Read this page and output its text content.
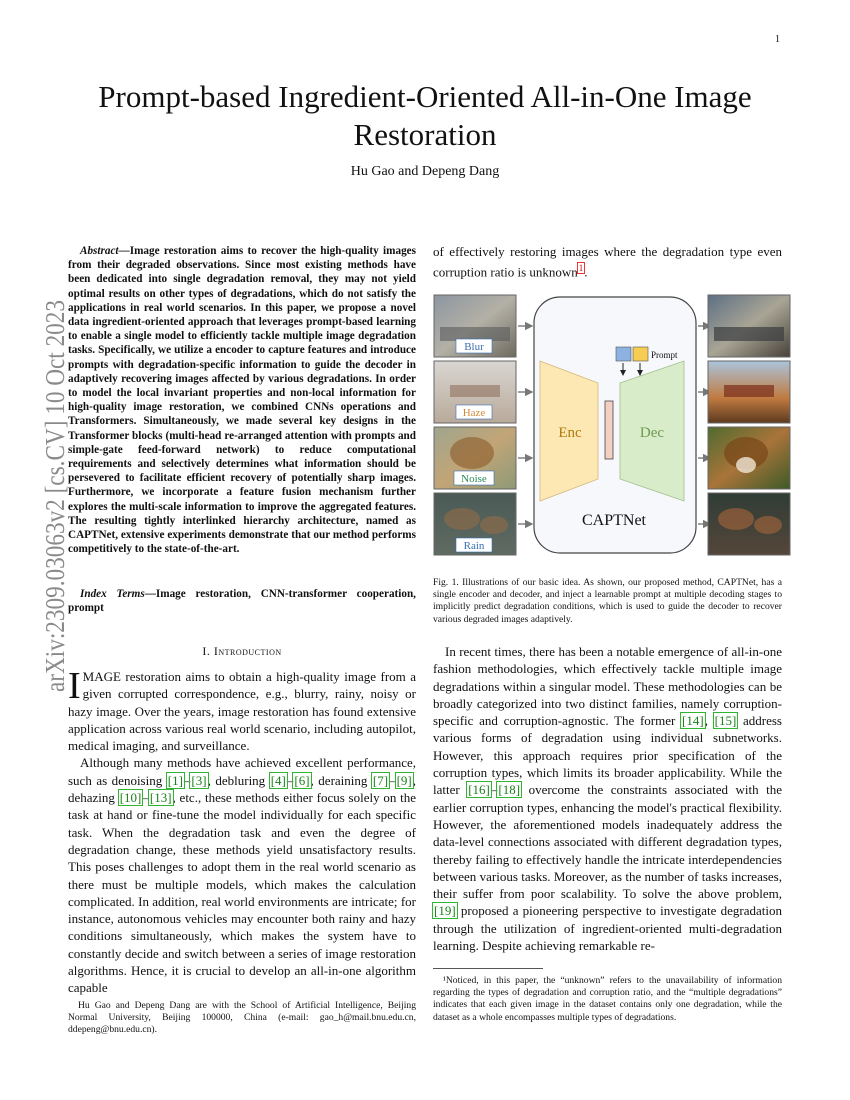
1
arXiv:2309.03063v2 [cs.CV] 10 Oct 2023
Prompt-based Ingredient-Oriented All-in-One Image Restoration
Hu Gao and Depeng Dang
Abstract—Image restoration aims to recover the high-quality images from their degraded observations. Since most existing methods have been dedicated into single degradation removal, they may not yield optimal results on other types of degradations, which do not satisfy the applications in real world scenarios. In this paper, we propose a novel data ingredient-oriented approach that leverages prompt-based learning to enable a single model to efficiently tackle multiple image degradation tasks. Specifically, we utilize a encoder to capture features and introduce prompts with degradation-specific information to guide the decoder in adaptively recovering images affected by various degradations. In order to model the local invariant properties and non-local information for high-quality image restoration, we combined CNNs operations and Transformers. Simultaneously, we made several key designs in the Transformer blocks (multi-head re-arranged attention with prompts and simple-gate feed-forward network) to reduce computational requirements and selectively determines what information should be persevered to facilitate efficient recovery of potentially sharp images. Furthermore, we incorporate a feature fusion mechanism further explores the multi-scale information to improve the aggregated features. The resulting tightly interlinked hierarchy architecture, named as CAPTNet, extensive experiments demonstrate that our method performs competitively to the state-of-the-art.
Index Terms—Image restoration, CNN-transformer cooperation, prompt
I. Introduction

IMAGE restoration aims to obtain a high-quality image from a given corrupted correspondence, e.g., blurry, rainy, noisy or hazy image. Over the years, image restoration has found extensive application across various real world scenario, including autopilot, medical imaging, and surveillance.

Although many methods have achieved excellent performance, such as denoising [1]–[3], debluring [4]–[6], deraining [7]–[9], dehazing [10]–[13], etc., these methods either focus solely on the task at hand or fine-tune the model individually for each specific task. When the degradation task and even the degree of degradation change, these methods yield unsatisfactory results. This poses challenges to adopt them in the real world scenario as there must be multiple models, which makes the calculation complicated. In addition, real world environments are intricate; for instance, autonomous vehicles may encounter both rainy and hazy conditions simultaneously, which makes the system have to constantly decide and switch between a series of image restoration algorithms. Hence, it is crucial to develop an all-in-one algorithm capable

of effectively restoring images where the degradation type even corruption ratio is unknown$^1$.
Blur
Haze
Noise
Rain
Enc	Dec
Prompt
CAPTNet
Fig. 1. Illustrations of our basic idea. As shown, our proposed method, CAPTNet, has a single encoder and decoder, and inject a learnable prompt at multiple decoding stages to implicitly predict degradation conditions, which is used to guide the decoder to recover various degraded images adaptively.

In recent times, there has been a notable emergence of all-in-one fashion methodologies, which effectively tackle multiple image degradations within a singular model. These methodologies can be broadly categorized into two distinct families, namely corruption-specific and corruption-agnostic. The former [14], [15] address various forms of degradation using individual subnetworks. However, this approach requires prior specification of the corruption types, which limits its broader applicability. While the latter [16]–[18] overcome the constraints associated with the earlier corruption types, enhancing the model's practical flexibility. However, the aforementioned models inadequately address the data-level connections associated with different degradation types, thereby failing to effectively handle the intricate interdependencies between various tasks. Moreover, as the number of tasks increases, their suffer from poor scalability. To solve the above problem, [19] proposed a pioneering perspective to investigate degradation through the utilization of ingredient-oriented multi-degradation learning. Despite achieving remarkable re-

¹Noticed, in this paper, the “unknown” refers to the unavailability of information regarding the types of degradation and corruption ratio, and the “multiple degradations” indicates that each given image in the dataset contains only one degradation, while the dataset as a whole encompasses multiple types of degradations.
Hu Gao and Depeng Dang are with the School of Artificial Intelligence, Beijing Normal University, Beijing 100000, China (e-mail: gao_h@mail.bnu.edu.cn, ddepeng@bnu.edu.cn).
